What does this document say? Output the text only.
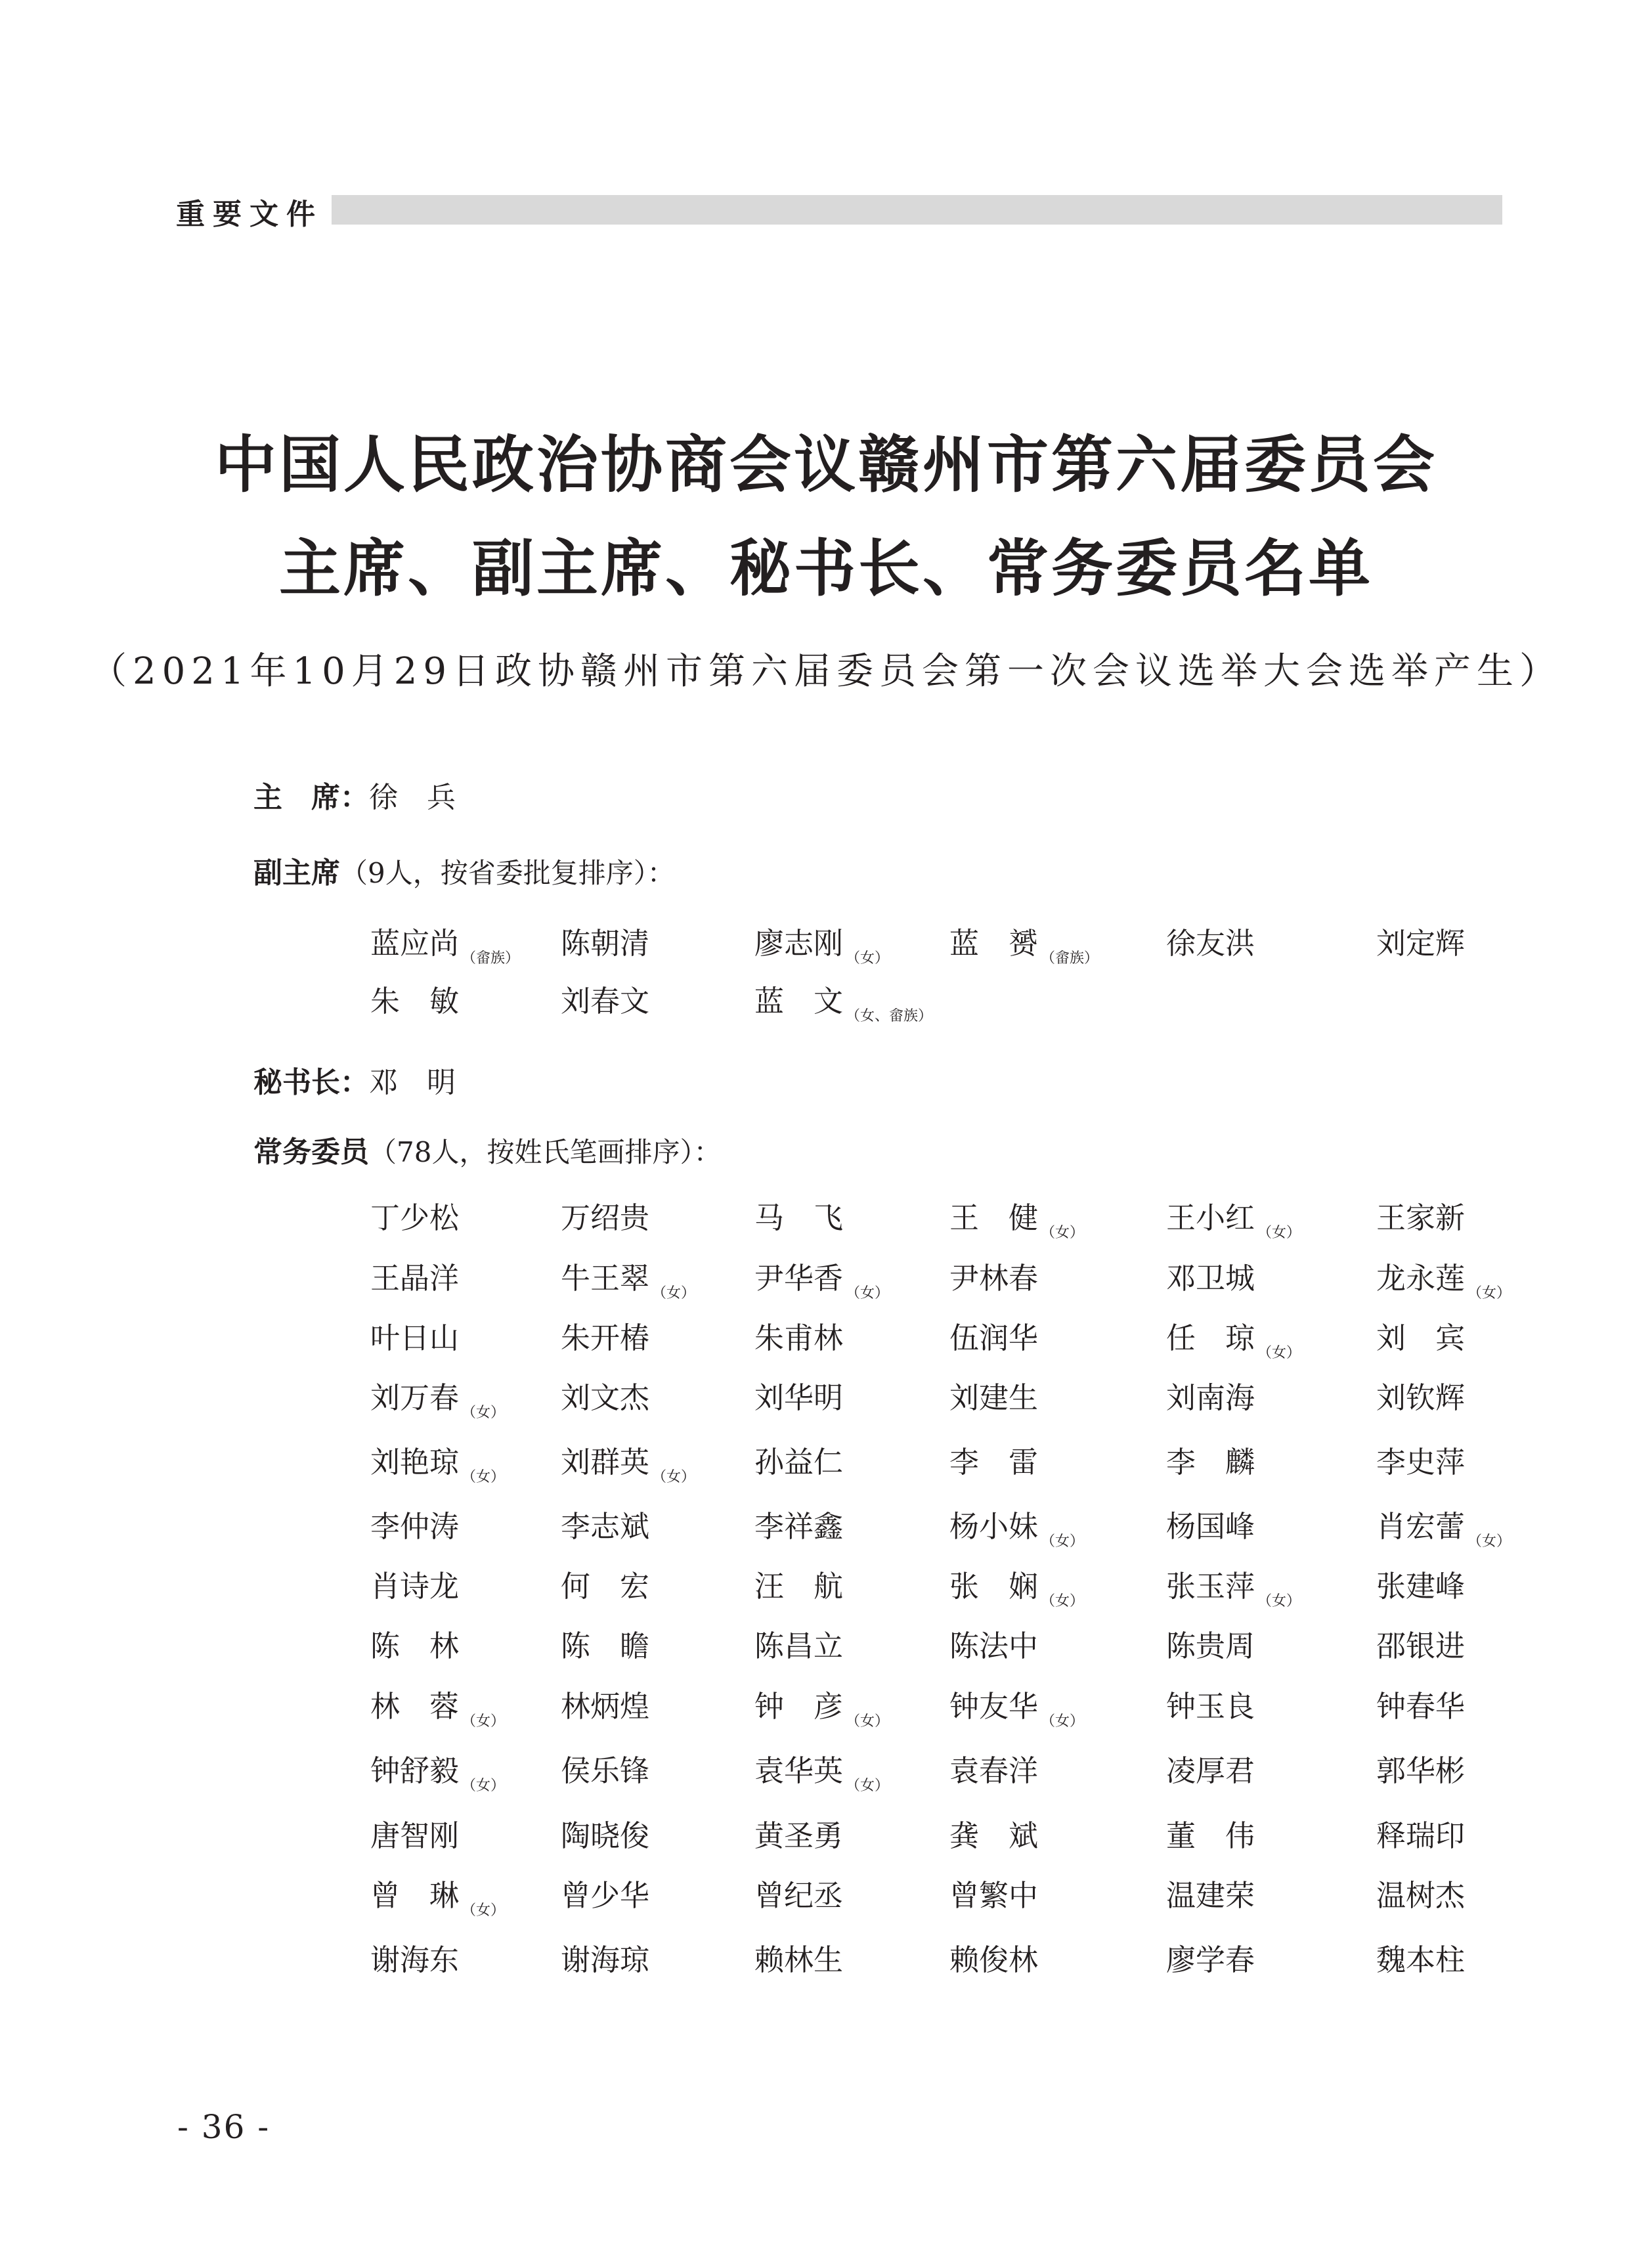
重要文件
中国人民政治协商会议赣州市第六届委员会
主席、副主席、秘书长、常务委员名单
（2021年10月29日政协赣州市第六届委员会第一次会议选举大会选举产生）
主　席：徐　兵
副主席（9人，按省委批复排序）：
蓝应尚 $_{(畲族)}$ 陈朝清	廖志刚 $_{(女)}$ 蓝　赟 $_{(畲族)}$ 徐友洪	刘定辉
朱　敏	刘春文	蓝　文 $_{(女、畲族)}$
秘书长：邓　明
常务委员（78人，按姓氏笔画排序）：
丁少松	万绍贵	马　飞	王　健 $_{(女)}$	王小红 $_{(女)}$	王家新
王晶洋	牛王翠 $_{(女)}$ 尹华香 $_{(女)}$ 尹林春	邓卫城	龙永莲 $_{(女)}$
叶日山	朱开椿	朱甫林	伍润华	任　琼 $_{(女)}$	刘　宾
刘万春 $_{(女)}$ 刘文杰	刘华明	刘建生	刘南海	刘钦辉
刘艳琼 $_{(女)}$ 刘群英 $_{(女)}$ 孙益仁	李　雷	李　麟	李史萍
李仲涛	李志斌	李祥鑫	杨小妹 $_{(女)}$	杨国峰	肖宏蕾 $_{(女)}$
肖诗龙	何　宏	汪　航	张　娴 $_{(女)}$	张玉萍 $_{(女)}$	张建峰
陈　林	陈　瞻	陈昌立	陈法中	陈贵周	邵银进
林　蓉 $_{(女)}$ 林炳煌	钟　彦 $_{(女)}$ 钟友华 $_{(女)}$	钟玉良	钟春华
钟舒毅 $_{(女)}$ 侯乐锋	袁华英 $_{(女)}$ 袁春洋	凌厚君	郭华彬
唐智刚	陶晓俊	黄圣勇	龚　斌	董　伟	释瑞印
曾　琳 $_{(女)}$ 曾少华	曾纪丞	曾繁中	温建荣	温树杰
谢海东	谢海琼	赖林生	赖俊林	廖学春	魏本柱
- 36 -
